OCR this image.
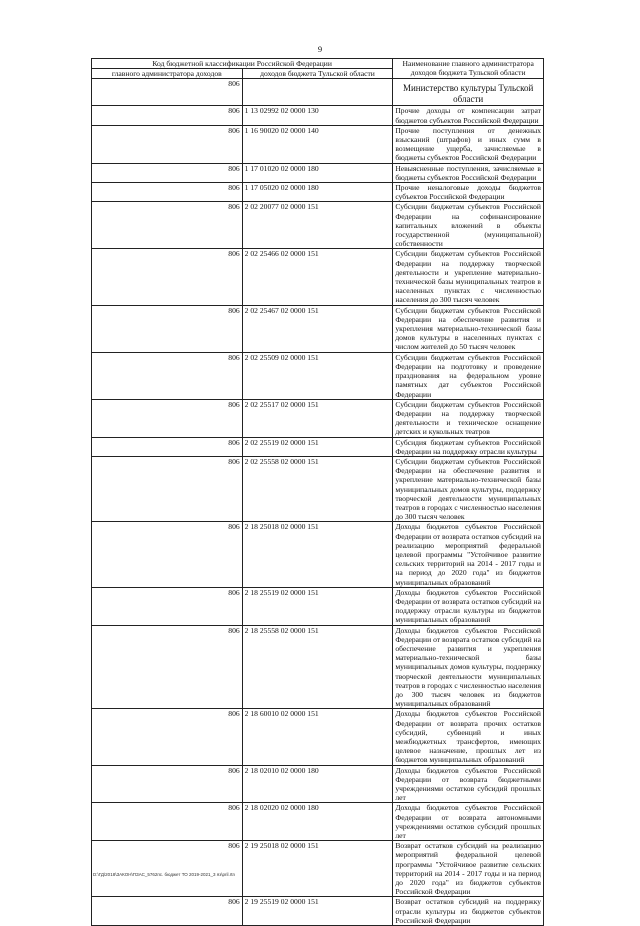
9
Код бюджетной классификации Российской Федерации		Наименование главного администратора доходов бюджета Тульской области
главного администратора доходов	доходов бюджета Тульской области	
806		Министерство культуры Тульской области
806	1 13 02992 02 0000 130	Прочие доходы от компенсации затрат бюджетов субъектов Российской Федерации
806	1 16 90020 02 0000 140	Прочие поступления от денежных взысканий (штрафов) и иных сумм в возмещение ущерба, зачисляемые в бюджеты субъектов Российской Федерации
806	1 17 01020 02 0000 180	Невыясненные поступления, зачисляемые в бюджеты субъектов Российской Федерации
806	1 17 05020 02 0000 180	Прочие неналоговые доходы бюджетов субъектов Российской Федерации
806	2 02 20077 02 0000 151	Субсидии бюджетам субъектов Российской Федерации на софинансирование капитальных вложений в объекты государственной (муниципальной) собственности
806	2 02 25466 02 0000 151	Субсидии бюджетам субъектов Российской Федерации на поддержку творческой деятельности и укрепление материально-технической базы муниципальных театров в населенных пунктах с численностью населения до 300 тысяч человек
806	2 02 25467 02 0000 151	Субсидии бюджетам субъектов Российской Федерации на обеспечение развития и укрепления материально-технической базы домов культуры в населенных пунктах с числом жителей до 50 тысяч человек
806	2 02 25509 02 0000 151	Субсидии бюджетам субъектов Российской Федерации на подготовку и проведение празднования на федеральном уровне памятных дат субъектов Российской Федерации
806	2 02 25517 02 0000 151	Субсидии бюджетам субъектов Российской Федерации на поддержку творческой деятельности и техническое оснащение детских и кукольных театров
806	2 02 25519 02 0000 151	Субсидия бюджетам субъектов Российской Федерации на поддержку отрасли культуры
806	2 02 25558 02 0000 151	Субсидии бюджетам субъектов Российской Федерации на обеспечение развития и укрепление материально-технической базы муниципальных домов культуры, поддержку творческой деятельности муниципальных театров в городах с численностью населения до 300 тысяч человек
806	2 18 25018 02 0000 151	Доходы бюджетов субъектов Российской Федерации от возврата остатков субсидий на реализацию мероприятий федеральной целевой программы "Устойчивое развитие сельских территорий на 2014 - 2017 годы и на период до 2020 года" из бюджетов муниципальных образований
806	2 18 25519 02 0000 151	Доходы бюджетов субъектов Российской Федерации от возврата остатков субсидий на поддержку отрасли культуры из бюджетов муниципальных образований
806	2 18 25558 02 0000 151	Доходы бюджетов субъектов Российской Федерации от возврата остатков субсидий на обеспечение развития и укрепления материально-технической базы муниципальных домов культуры, поддержку творческой деятельности муниципальных театров в городах с численностью населения до 300 тысяч человек из бюджетов муниципальных образований
806	2 18 60010 02 0000 151	Доходы бюджетов субъектов Российской Федерации от возврата прочих остатков субсидий, субвенций и иных межбюджетных трансфертов, имеющих целевое назначение, прошлых лет из бюджетов муниципальных образований
806	2 18 02010 02 0000 180	Доходы бюджетов субъектов Российской Федерации от возврата бюджетными учреждениями остатков субсидий прошлых лет
806	2 18 02020 02 0000 180	Доходы бюджетов субъектов Российской Федерации от возврата автономными учреждениями остатков субсидий прошлых лет
806	2 19 25018 02 0000 151	Возврат остатков субсидий на реализацию мероприятий федеральной целевой программы "Устойчивое развитие сельских территорий на 2014 - 2017 годы и на период до 2020 года" из бюджетов субъектов Российской Федерации
806	2 19 25519 02 0000 151	Возврат остатков субсидий на поддержку отрасли культуры из бюджетов субъектов Российской Федерации
D:\ГД\2018\ЗАКОН\ПЗАС_5762пс. бюджет ТО 2019-2021_3 яз\pril.rtn
